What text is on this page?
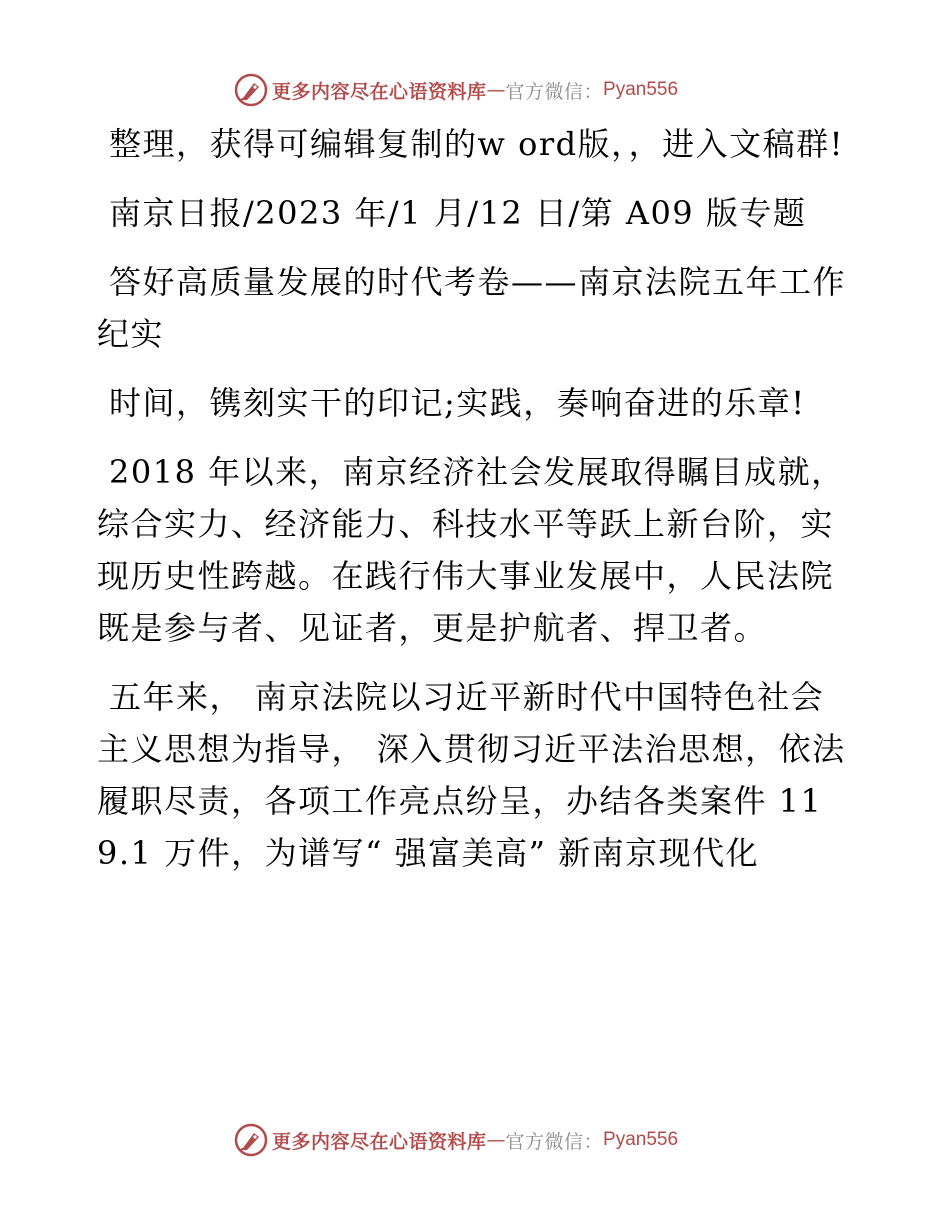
更多内容尽在心语资料库 — 官方微信： Pyan556

整理，获得可编辑复制的w ord版，，进入文稿群!

南京日报/2023 年/1 月/12 日/第 A09 版专题

答好高质量发展的时代考卷——南京法院五年工作纪实

时间，镌刻实干的印记;实践，奏响奋进的乐章!

2018 年以来，南京经济社会发展取得瞩目成就，综合实力、经济能力、科技水平等跃上新台阶，实现历史性跨越。在践行伟大事业发展中，人民法院既是参与者、见证者，更是护航者、捍卫者。

五年来， 南京法院以习近平新时代中国特色社会主义思想为指导， 深入贯彻习近平法治思想，依法履职尽责，各项工作亮点纷呈，办结各类案件 119.1 万件，为谱写“ 强富美高” 新南京现代化

更多内容尽在心语资料库 — 官方微信： Pyan556
